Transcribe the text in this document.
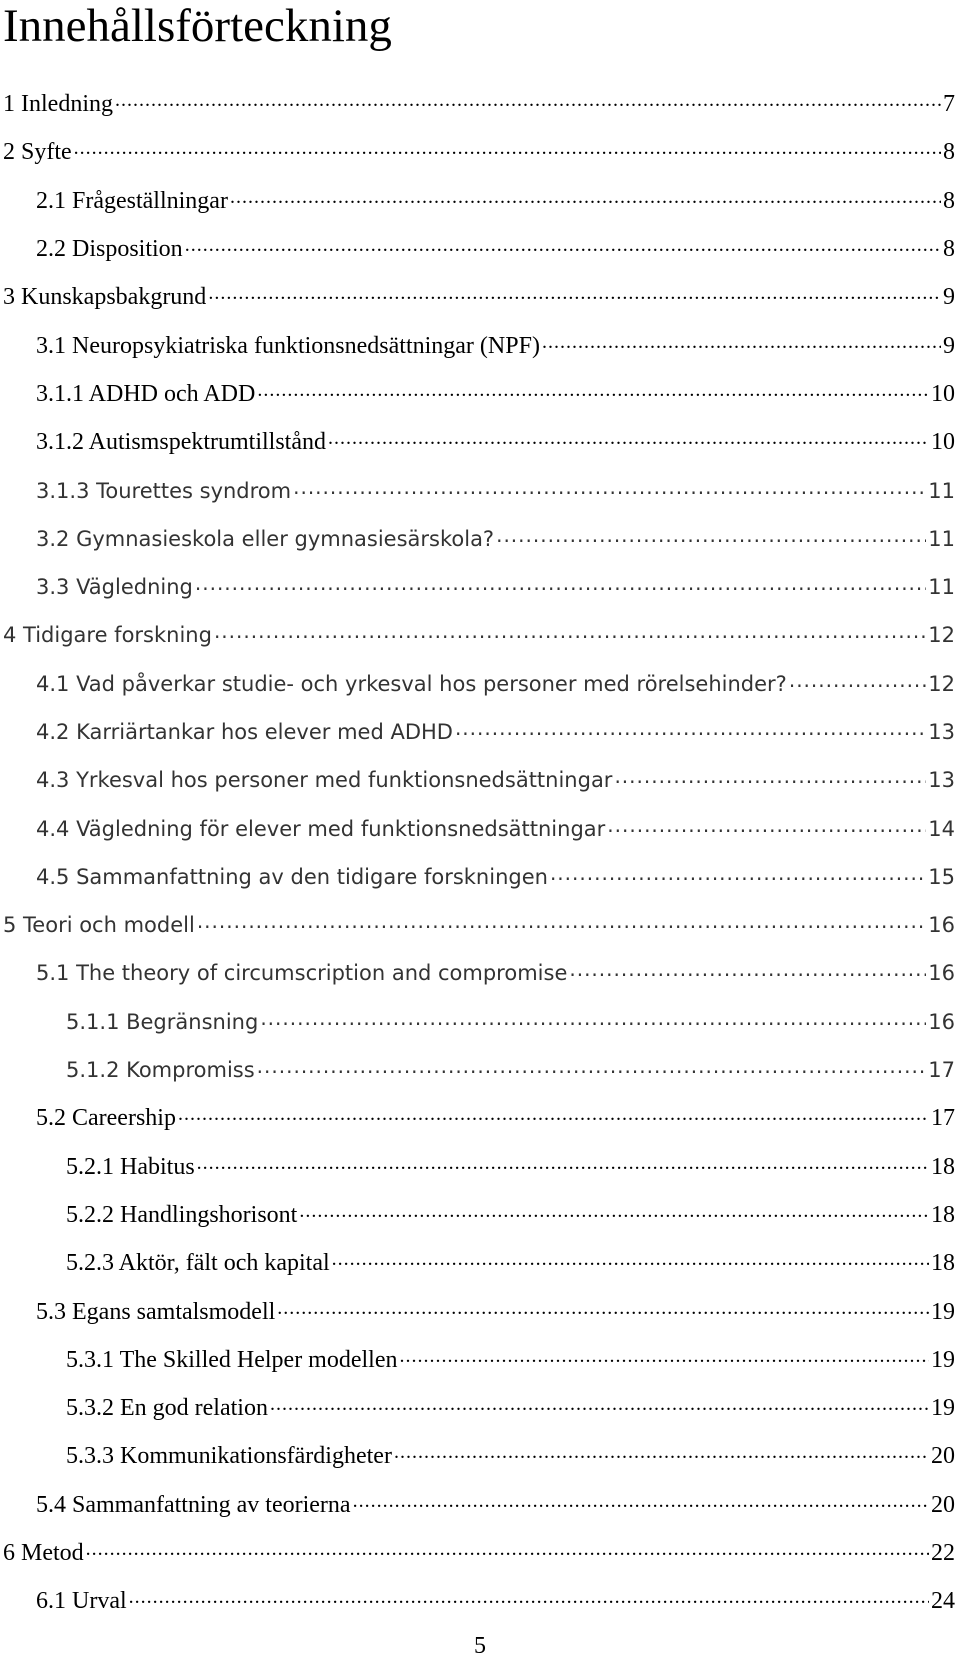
Innehållsförteckning
1 Inledning .....	7
2 Syfte .....	8
2.1 Frågeställningar .....	8
2.2 Disposition .....	8
3 Kunskapsbakgrund .....	9
3.1 Neuropsykiatriska funktionsnedsättningar (NPF) .....	9
3.1.1 ADHD och ADD .....	10
3.1.2 Autismspektrumtillstånd .....	10
3.1.3 Tourettes syndrom .....	11
3.2 Gymnasieskola eller gymnasiesärskola? .....	11
3.3 Vägledning .....	11
4 Tidigare forskning .....	12
4.1 Vad påverkar studie- och yrkesval hos personer med rörelsehinder? .....	12
4.2 Karriärtankar hos elever med ADHD .....	13
4.3 Yrkesval hos personer med funktionsnedsättningar .....	13
4.4 Vägledning för elever med funktionsnedsättningar .....	14
4.5 Sammanfattning av den tidigare forskningen .....	15
5 Teori och modell .....	16
5.1 The theory of circumscription and compromise .....	16
5.1.1 Begränsning .....	16
5.1.2 Kompromiss .....	17
5.2 Careership .....	17
5.2.1 Habitus .....	18
5.2.2 Handlingshorisont .....	18
5.2.3 Aktör, fält och kapital .....	18
5.3 Egans samtalsmodell .....	19
5.3.1 The Skilled Helper modellen .....	19
5.3.2 En god relation .....	19
5.3.3 Kommunikationsfärdigheter .....	20
5.4 Sammanfattning av teorierna .....	20
6 Metod .....	22
6.1 Urval .....	24
5
